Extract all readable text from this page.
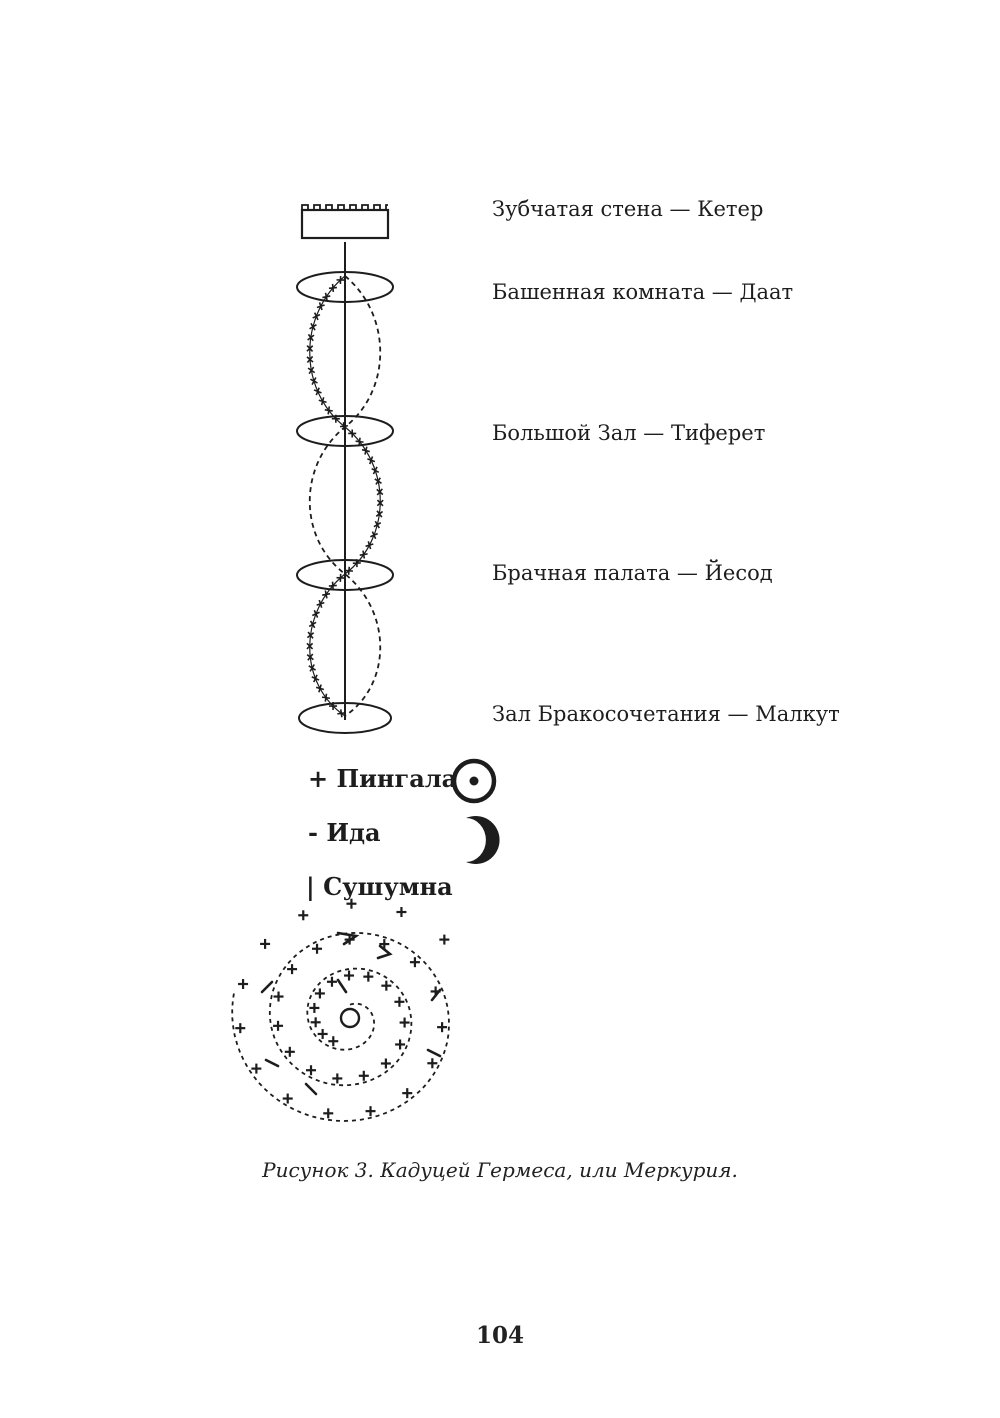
Зубчатая стена — Кетер
Башенная комната — Даат
Большой Зал — Тиферет
Брачная палата — Йесод
Зал Бракосочетания — Малкут
+ Пингала
- Ида
| Сушумна
Рисунок 3. Кадуцей Гермеса, или Меркурия.
104
